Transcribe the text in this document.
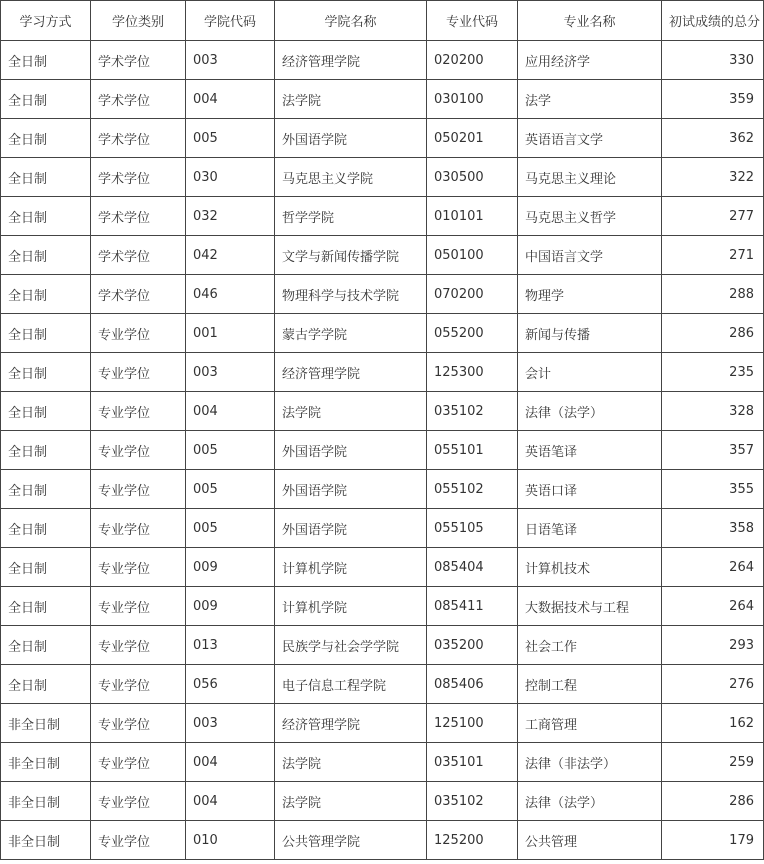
学习方式	学位类别	学院代码	学院名称	专业代码	专业名称	初试成绩的总分
全日制	学术学位	003	经济管理学院	020200	应用经济学	330
全日制	学术学位	004	法学院	030100	法学	359
全日制	学术学位	005	外国语学院	050201	英语语言文学	362
全日制	学术学位	030	马克思主义学院	030500	马克思主义理论	322
全日制	学术学位	032	哲学学院	010101	马克思主义哲学	277
全日制	学术学位	042	文学与新闻传播学院	050100	中国语言文学	271
全日制	学术学位	046	物理科学与技术学院	070200	物理学	288
全日制	专业学位	001	蒙古学学院	055200	新闻与传播	286
全日制	专业学位	003	经济管理学院	125300	会计	235
全日制	专业学位	004	法学院	035102	法律（法学）	328
全日制	专业学位	005	外国语学院	055101	英语笔译	357
全日制	专业学位	005	外国语学院	055102	英语口译	355
全日制	专业学位	005	外国语学院	055105	日语笔译	358
全日制	专业学位	009	计算机学院	085404	计算机技术	264
全日制	专业学位	009	计算机学院	085411	大数据技术与工程	264
全日制	专业学位	013	民族学与社会学学院	035200	社会工作	293
全日制	专业学位	056	电子信息工程学院	085406	控制工程	276
非全日制	专业学位	003	经济管理学院	125100	工商管理	162
非全日制	专业学位	004	法学院	035101	法律（非法学）	259
非全日制	专业学位	004	法学院	035102	法律（法学）	286
非全日制	专业学位	010	公共管理学院	125200	公共管理	179
